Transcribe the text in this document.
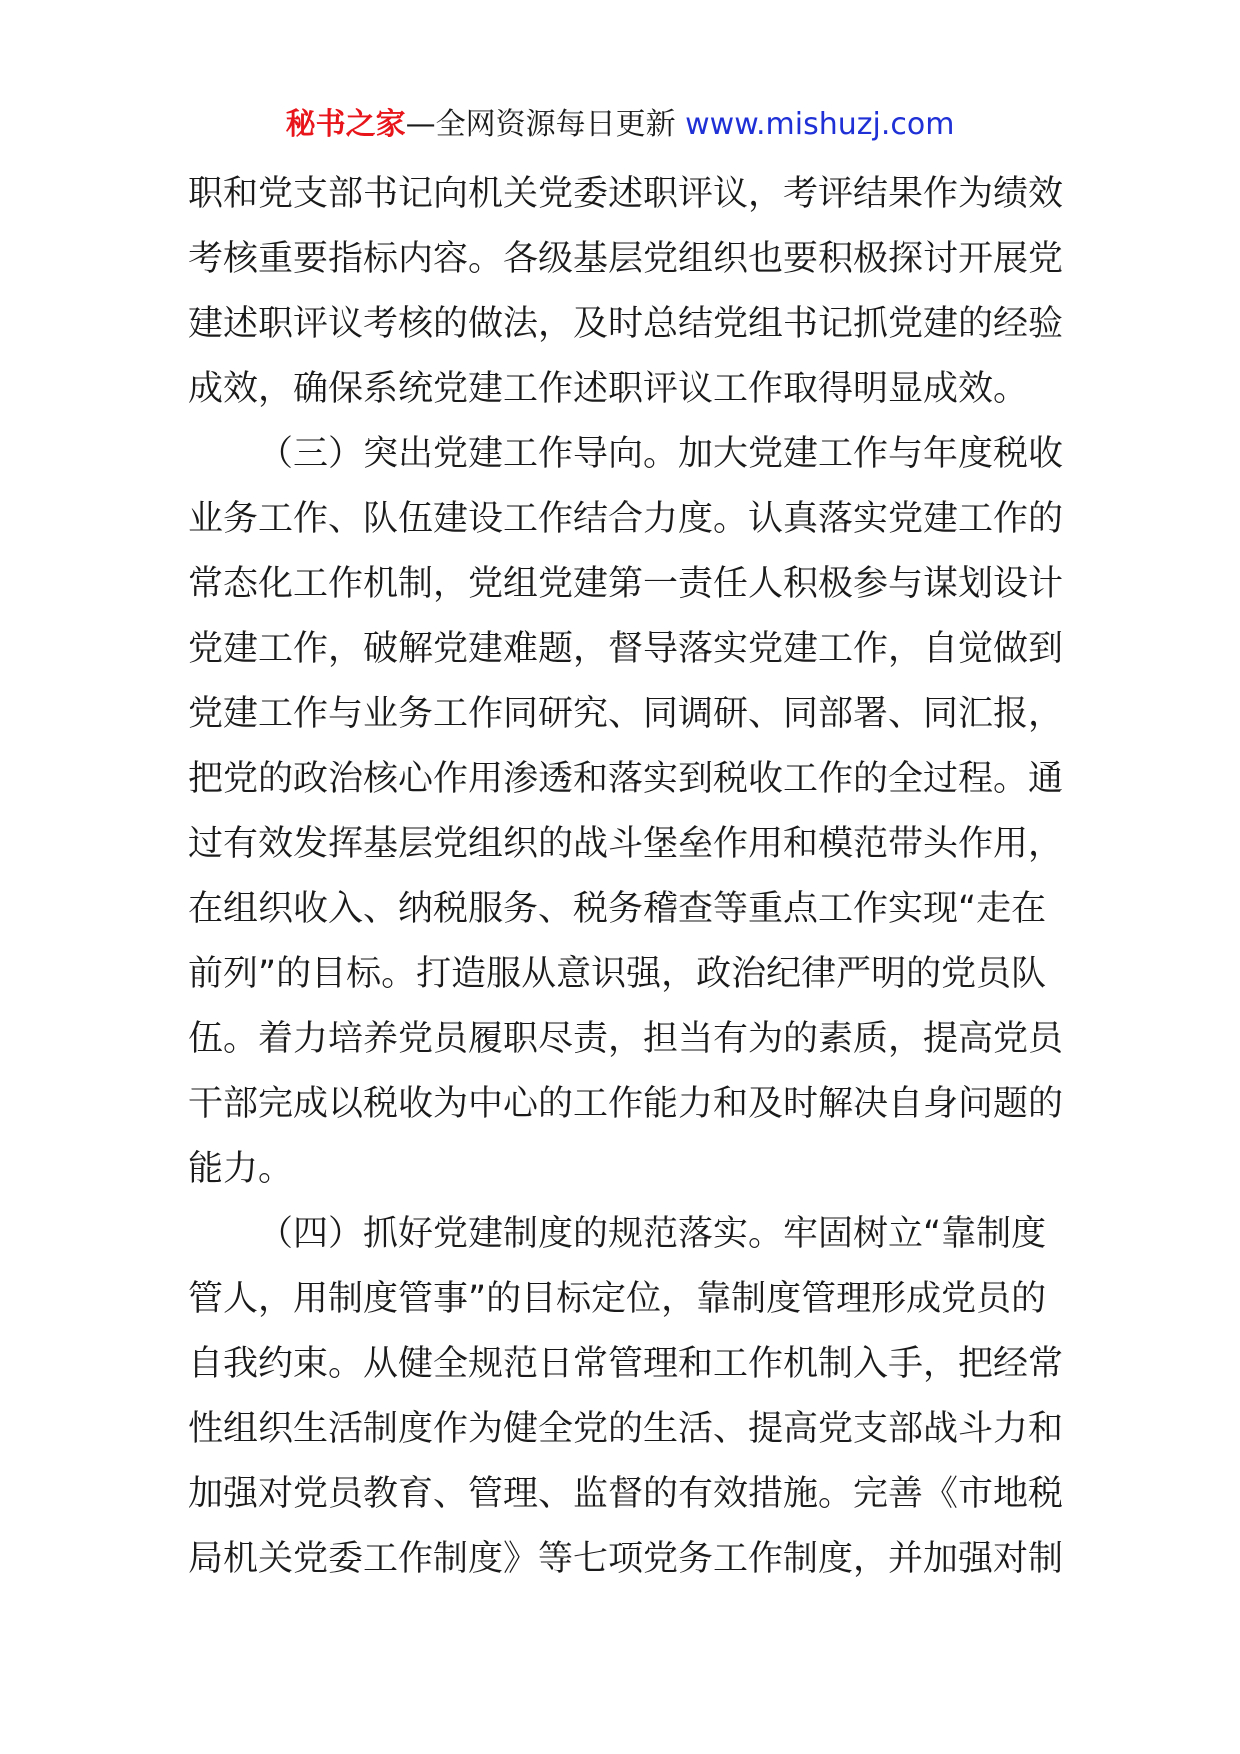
秘书之家—全网资源每日更新 www.mishuzj.com
职和党支部书记向机关党委述职评议，考评结果作为绩效
考核重要指标内容。各级基层党组织也要积极探讨开展党
建述职评议考核的做法，及时总结党组书记抓党建的经验
成效，确保系统党建工作述职评议工作取得明显成效。
（三）突出党建工作导向。加大党建工作与年度税收
业务工作、队伍建设工作结合力度。认真落实党建工作的
常态化工作机制，党组党建第一责任人积极参与谋划设计
党建工作，破解党建难题，督导落实党建工作，自觉做到
党建工作与业务工作同研究、同调研、同部署、同汇报，
把党的政治核心作用渗透和落实到税收工作的全过程。通
过有效发挥基层党组织的战斗堡垒作用和模范带头作用，
在组织收入、纳税服务、税务稽查等重点工作实现“走在
前列”的目标。打造服从意识强，政治纪律严明的党员队
伍。着力培养党员履职尽责，担当有为的素质，提高党员
干部完成以税收为中心的工作能力和及时解决自身问题的
能力。
（四）抓好党建制度的规范落实。牢固树立“靠制度
管人，用制度管事”的目标定位，靠制度管理形成党员的
自我约束。从健全规范日常管理和工作机制入手，把经常
性组织生活制度作为健全党的生活、提高党支部战斗力和
加强对党员教育、管理、监督的有效措施。完善《市地税
局机关党委工作制度》等七项党务工作制度，并加强对制
